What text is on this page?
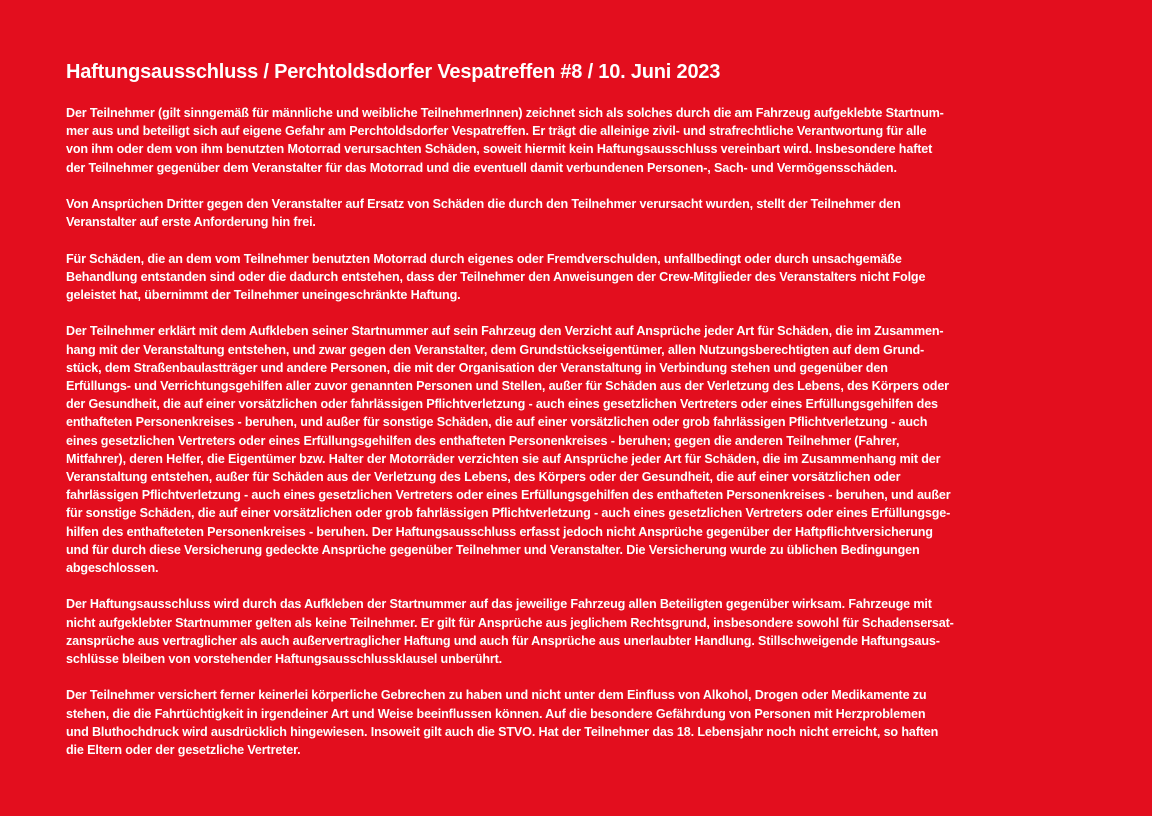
Haftungsausschluss / Perchtoldsdorfer Vespatreffen #8 / 10. Juni 2023

Der Teilnehmer (gilt sinngemäß für männliche und weibliche TeilnehmerInnen) zeichnet sich als solches durch die am Fahrzeug aufgeklebte Startnum-
mer aus und beteiligt sich auf eigene Gefahr am Perchtoldsdorfer Vespatreffen. Er trägt die alleinige zivil- und strafrechtliche Verantwortung für alle
von ihm oder dem von ihm benutzten Motorrad verursachten Schäden, soweit hiermit kein Haftungsausschluss vereinbart wird. Insbesondere haftet
der Teilnehmer gegenüber dem Veranstalter für das Motorrad und die eventuell damit verbundenen Personen-, Sach- und Vermögensschäden.

Von Ansprüchen Dritter gegen den Veranstalter auf Ersatz von Schäden die durch den Teilnehmer verursacht wurden, stellt der Teilnehmer den
Veranstalter auf erste Anforderung hin frei.

Für Schäden, die an dem vom Teilnehmer benutzten Motorrad durch eigenes oder Fremdverschulden, unfallbedingt oder durch unsachgemäße
Behandlung entstanden sind oder die dadurch entstehen, dass der Teilnehmer den Anweisungen der Crew-Mitglieder des Veranstalters nicht Folge
geleistet hat, übernimmt der Teilnehmer uneingeschränkte Haftung.

Der Teilnehmer erklärt mit dem Aufkleben seiner Startnummer auf sein Fahrzeug den Verzicht auf Ansprüche jeder Art für Schäden, die im Zusammen-
hang mit der Veranstaltung entstehen, und zwar gegen den Veranstalter, dem Grundstückseigentümer, allen Nutzungsberechtigten auf dem Grund-
stück, dem Straßenbaulastträger und andere Personen, die mit der Organisation der Veranstaltung in Verbindung stehen und gegenüber den
Erfüllungs- und Verrichtungsgehilfen aller zuvor genannten Personen und Stellen, außer für Schäden aus der Verletzung des Lebens, des Körpers oder
der Gesundheit, die auf einer vorsätzlichen oder fahrlässigen Pflichtverletzung - auch eines gesetzlichen Vertreters oder eines Erfüllungsgehilfen des
enthafteten Personenkreises - beruhen, und außer für sonstige Schäden, die auf einer vorsätzlichen oder grob fahrlässigen Pflichtverletzung - auch
eines gesetzlichen Vertreters oder eines Erfüllungsgehilfen des enthafteten Personenkreises - beruhen; gegen die anderen Teilnehmer (Fahrer,
Mitfahrer), deren Helfer, die Eigentümer bzw. Halter der Motorräder verzichten sie auf Ansprüche jeder Art für Schäden, die im Zusammenhang mit der
Veranstaltung entstehen, außer für Schäden aus der Verletzung des Lebens, des Körpers oder der Gesundheit, die auf einer vorsätzlichen oder
fahrlässigen Pflichtverletzung - auch eines gesetzlichen Vertreters oder eines Erfüllungsgehilfen des enthafteten Personenkreises - beruhen, und außer
für sonstige Schäden, die auf einer vorsätzlichen oder grob fahrlässigen Pflichtverletzung - auch eines gesetzlichen Vertreters oder eines Erfüllungsge-
hilfen des enthafteteten Personenkreises - beruhen. Der Haftungsausschluss erfasst jedoch nicht Ansprüche gegenüber der Haftpflichtversicherung
und für durch diese Versicherung gedeckte Ansprüche gegenüber Teilnehmer und Veranstalter. Die Versicherung wurde zu üblichen Bedingungen
abgeschlossen.

Der Haftungsausschluss wird durch das Aufkleben der Startnummer auf das jeweilige Fahrzeug allen Beteiligten gegenüber wirksam. Fahrzeuge mit
nicht aufgeklebter Startnummer gelten als keine Teilnehmer. Er gilt für Ansprüche aus jeglichem Rechtsgrund, insbesondere sowohl für Schadensersat-
zansprüche aus vertraglicher als auch außervertraglicher Haftung und auch für Ansprüche aus unerlaubter Handlung. Stillschweigende Haftungsaus-
schlüsse bleiben von vorstehender Haftungsausschlussklausel unberührt.

Der Teilnehmer versichert ferner keinerlei körperliche Gebrechen zu haben und nicht unter dem Einfluss von Alkohol, Drogen oder Medikamente zu
stehen, die die Fahrtüchtigkeit in irgendeiner Art und Weise beeinflussen können. Auf die besondere Gefährdung von Personen mit Herzproblemen
und Bluthochdruck wird ausdrücklich hingewiesen. Insoweit gilt auch die STVO. Hat der Teilnehmer das 18. Lebensjahr noch nicht erreicht, so haften
die Eltern oder der gesetzliche Vertreter.
